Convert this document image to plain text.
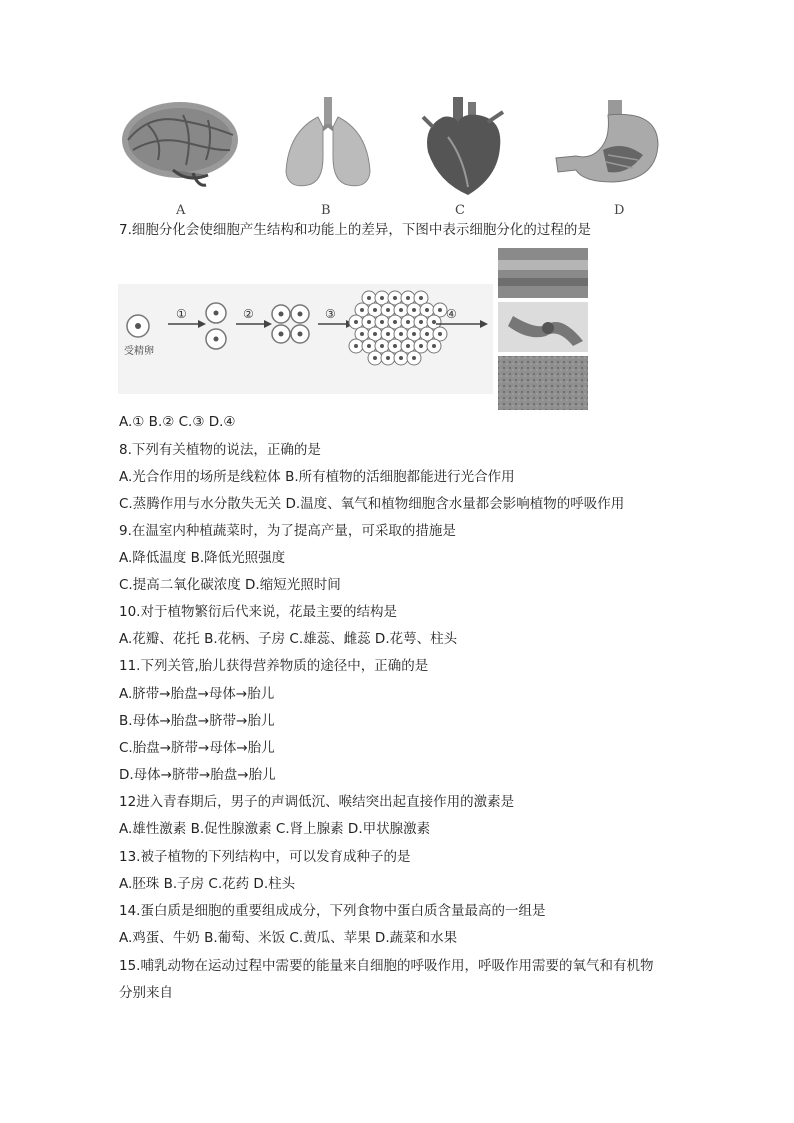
A	B	C	D
7.细胞分化会使细胞产生结构和功能上的差异，下图中表示细胞分化的过程的是
受精卵
①	②	③	④
A.① B.② C.③ D.④
8.下列有关植物的说法，正确的是
A.光合作用的场所是线粒体 B.所有植物的活细胞都能进行光合作用
C.蒸腾作用与水分散失无关 D.温度、氧气和植物细胞含水量都会影响植物的呼吸作用
9.在温室内种植蔬菜时，为了提高产量，可采取的措施是
A.降低温度 B.降低光照强度
C.提高二氧化碳浓度 D.缩短光照时间
10.对于植物繁衍后代来说，花最主要的结构是
A.花瓣、花托 B.花柄、子房 C.雄蕊、雌蕊 D.花萼、柱头
11.下列关管,胎儿获得营养物质的途径中，正确的是
A.脐带→胎盘→母体→胎儿
B.母体→胎盘→脐带→胎儿
C.胎盘→脐带→母体→胎儿
D.母体→脐带→胎盘→胎儿
12进入青春期后，男子的声调低沉、喉结突出起直接作用的激素是
A.雄性激素 B.促性腺激素 C.肾上腺素 D.甲状腺激素
13.被子植物的下列结构中，可以发育成种子的是
A.胚珠 B.子房 C.花药 D.柱头
14.蛋白质是细胞的重要组成成分，下列食物中蛋白质含量最高的一组是
A.鸡蛋、牛奶 B.葡萄、米饭 C.黄瓜、苹果 D.蔬菜和水果
15.哺乳动物在运动过程中需要的能量来自细胞的呼吸作用，呼吸作用需要的氧气和有机物
分别来自
